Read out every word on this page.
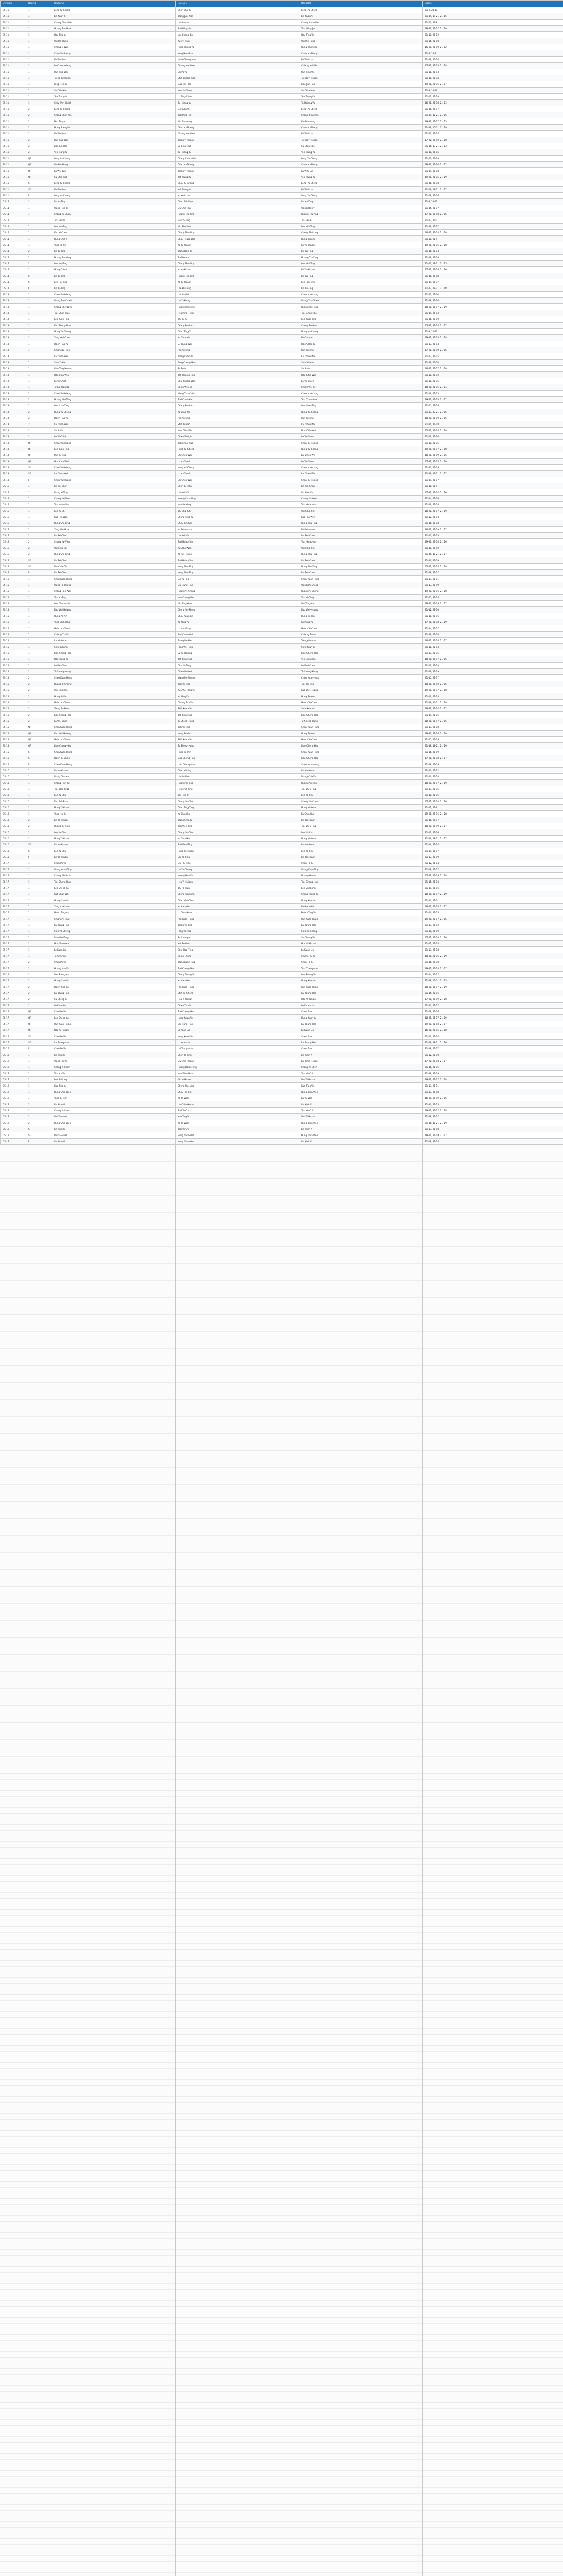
Division	Round	Joueur A	Joueur B	Résultat	Score
BS-11	1	Leng Yu-Cheng	Chen Zhe-Yu	Leng Yu-Cheng	21-9, 21-11
BS-11	1	Lin Kuan-Yi	Wang Jun-Xian	Lin Kuan-Yi	21-14, 19-21, 21-16
BS-11	1	Chang Chun-Wei	Liu Po-Han	Chang Chun-Wei	21-13, 21-8
BS-11	1	Huang Tzu-Hao	Tsai Ming-Jie	Tsai Ming-Jie	18-21, 21-17, 21-19
BS-11	1	Hsu Ting-Yu	Lee Cheng-En	Hsu Ting-Yu	21-10, 21-12
BS-11	1	Wu Pin-Hung	Kuo Yi-Ting	Wu Pin-Hung	21-16, 21-18
BS-11	1	Cheng Li-Wei	Hung Sheng-Yu	Hung Sheng-Yu	15-21, 21-19, 21-12
BS-11	1	Chou Yu-Sheng	Yang Hao-Ran	Chou Yu-Sheng	21-7, 21-9
BS-11	1	Ko Wei-Lun	Hsieh Tsung-Han	Ko Wei-Lun	21-19, 22-20
BS-11	1	Lu Chen-Hsiang	Chiang Kai-Wen	Chiang Kai-Wen	17-21, 21-15, 21-18
BS-11	1	Pan Ting-Wei	Lai Po-Yu	Pan Ting-Wei	21-11, 21-13
BS-11	1	Tseng Yi-Hsuan	Shih Cheng-Hao	Tseng Yi-Hsuan	21-18, 21-14
BS-11	1	Fang Hsin-Yu	Liao Jun-Hao	Liao Jun-Hao	19-21, 21-16, 21-17
BS-11	1	Su Chia-Hao	Hou Yu-Chen	Su Chia-Hao	21-8, 21-10
BS-11	1	Yeh Tsung-Yu	Lo Ping-Chun	Yeh Tsung-Yu	21-17, 21-19
BS-11	1	Chiu Wen-Chieh	Tu Hsiang-Yu	Tu Hsiang-Yu	16-21, 21-18, 21-14
BS-11	2	Leng Yu-Cheng	Lin Kuan-Yi	Leng Yu-Cheng	21-15, 21-17
BS-11	2	Chang Chun-Wei	Tsai Ming-Jie	Chang Chun-Wei	21-19, 18-21, 21-16
BS-11	2	Hsu Ting-Yu	Wu Pin-Hung	Wu Pin-Hung	19-21, 21-17, 21-15
BS-11	2	Hung Sheng-Yu	Chou Yu-Sheng	Chou Yu-Sheng	21-18, 15-21, 21-19
BS-11	2	Ko Wei-Lun	Chiang Kai-Wen	Ko Wei-Lun	21-12, 21-14
BS-11	2	Pan Ting-Wei	Tseng Yi-Hsuan	Tseng Yi-Hsuan	17-21, 21-19, 21-18
BS-11	2	Liao Jun-Hao	Su Chia-Hao	Su Chia-Hao	21-16, 17-21, 21-13
BS-11	2	Yeh Tsung-Yu	Tu Hsiang-Yu	Yeh Tsung-Yu	21-10, 21-15
BS-11	QF	Leng Yu-Cheng	Chang Chun-Wei	Leng Yu-Cheng	21-17, 21-19
BS-11	QF	Wu Pin-Hung	Chou Yu-Sheng	Chou Yu-Sheng	18-21, 21-16, 21-17
BS-11	QF	Ko Wei-Lun	Tseng Yi-Hsuan	Ko Wei-Lun	21-14, 21-18
BS-11	QF	Su Chia-Hao	Yeh Tsung-Yu	Yeh Tsung-Yu	19-21, 21-15, 21-19
BS-11	SF	Leng Yu-Cheng	Chou Yu-Sheng	Leng Yu-Cheng	21-16, 21-18
BS-11	SF	Ko Wei-Lun	Yeh Tsung-Yu	Ko Wei-Lun	21-19, 19-21, 21-17
BS-11	F	Leng Yu-Cheng	Ko Wei-Lun	Leng Yu-Cheng	21-18, 21-16
GS-11	1	Lin Yu-Ting	Chen Pei-Shan	Lin Yu-Ting	21-8, 21-12
GS-11	1	Wang Hsin-Yi	Liu Chia-Hui	Wang Hsin-Yi	21-15, 21-17
GS-11	1	Chang Yu-Chen	Huang Tzu-Ying	Huang Tzu-Ying	17-21, 21-18, 21-16
GS-11	1	Tsai Pei-Yu	Hsu Ya-Ting	Tsai Pei-Yu	21-13, 21-11
GS-11	1	Lee Hui-Ting	Wu Shu-Fen	Lee Hui-Ting	21-19, 21-17
GS-11	1	Kuo Yi-Chen	Cheng Mei-Ling	Cheng Mei-Ling	16-21, 21-14, 21-19
GS-11	1	Hung Chia-Yi	Chou Hsiao-Wen	Hung Chia-Yi	21-10, 21-9
GS-11	1	Yang Jia-Xin	Ko Yu-Hsuan	Ko Yu-Hsuan	19-21, 21-16, 21-18
GS-11	2	Lin Yu-Ting	Wang Hsin-Yi	Lin Yu-Ting	21-16, 21-14
GS-11	2	Huang Tzu-Ying	Tsai Pei-Yu	Huang Tzu-Ying	21-18, 21-19
GS-11	2	Lee Hui-Ting	Cheng Mei-Ling	Lee Hui-Ting	21-17, 18-21, 21-15
GS-11	2	Hung Chia-Yi	Ko Yu-Hsuan	Ko Yu-Hsuan	17-21, 21-19, 21-16
GS-11	SF	Lin Yu-Ting	Huang Tzu-Ying	Lin Yu-Ting	21-15, 21-18
GS-11	SF	Lee Hui-Ting	Ko Yu-Hsuan	Lee Hui-Ting	21-19, 21-17
GS-11	F	Lin Yu-Ting	Lee Hui-Ting	Lin Yu-Ting	21-17, 19-21, 21-18
BS-13	1	Chen Yu-Hsiang	Lin Po-Wei	Chen Yu-Hsiang	21-12, 21-10
BS-13	1	Wang Tzu-Chieh	Liu Yi-Hung	Wang Tzu-Chieh	21-18, 21-16
BS-13	1	Chang Cheng-Yu	Huang Wei-Ting	Huang Wei-Ting	18-21, 21-17, 21-19
BS-13	1	Tsai Chun-Hao	Hsu Ming-Hsun	Tsai Chun-Hao	21-14, 21-13
BS-13	1	Lee Kuan-Ting	Wu Yu-Jie	Lee Kuan-Ting	21-16, 21-19
BS-13	1	Kuo Sheng-Hao	Cheng Po-Han	Cheng Po-Han	15-21, 21-18, 21-17
BS-13	1	Hung Yu-Cheng	Chou Ting-Yi	Hung Yu-Cheng	21-9, 21-11
BS-13	1	Yang Wei-Chen	Ko Chun-Yu	Ko Chun-Yu	19-21, 21-15, 21-18
BS-13	1	Hsieh Hao-Yu	Lu Tsung-Wei	Hsieh Hao-Yu	21-17, 21-14
BS-13	1	Chiang Li-Hsin	Pan Yu-Ting	Pan Yu-Ting	17-21, 21-19, 21-16
BS-13	1	Lai Chen-Wei	Tseng Kuan-Yu	Lai Chen-Wei	21-13, 21-15
BS-13	1	Shih Yi-Hao	Fang Cheng-Han	Shih Yi-Hao	21-19, 22-20
BS-13	1	Liao Ting-Hsuan	Su Po-Yu	Su Po-Yu	16-21, 21-17, 21-19
BS-13	1	Hou Chia-Wei	Yeh Hsiang-Ting	Hou Chia-Wei	21-10, 21-12
BS-13	1	Lo Yu-Chieh	Chiu Sheng-Wen	Lo Yu-Chieh	21-18, 21-15
BS-13	1	Tu Kai-Hsiang	Chien Wei-Jie	Chien Wei-Jie	18-21, 21-16, 21-14
BS-13	2	Chen Yu-Hsiang	Wang Tzu-Chieh	Chen Yu-Hsiang	21-16, 21-13
BS-13	2	Huang Wei-Ting	Tsai Chun-Hao	Tsai Chun-Hao	19-21, 21-18, 21-17
BS-13	2	Lee Kuan-Ting	Cheng Po-Han	Lee Kuan-Ting	21-15, 21-19
BS-13	2	Hung Yu-Cheng	Ko Chun-Yu	Hung Yu-Cheng	21-17, 17-21, 21-16
BS-13	2	Hsieh Hao-Yu	Pan Yu-Ting	Pan Yu-Ting	18-21, 21-19, 21-15
BS-13	2	Lai Chen-Wei	Shih Yi-Hao	Lai Chen-Wei	21-14, 21-18
BS-13	2	Su Po-Yu	Hou Chia-Wei	Hou Chia-Wei	17-21, 21-18, 21-19
BS-13	2	Lo Yu-Chieh	Chien Wei-Jie	Lo Yu-Chieh	21-12, 21-16
BS-13	QF	Chen Yu-Hsiang	Tsai Chun-Hao	Chen Yu-Hsiang	21-18, 21-15
BS-13	QF	Lee Kuan-Ting	Hung Yu-Cheng	Hung Yu-Cheng	19-21, 21-17, 21-18
BS-13	QF	Pan Yu-Ting	Lai Chen-Wei	Lai Chen-Wei	18-21, 21-19, 21-16
BS-13	QF	Hou Chia-Wei	Lo Yu-Chieh	Lo Yu-Chieh	17-21, 21-15, 21-19
BS-13	SF	Chen Yu-Hsiang	Hung Yu-Cheng	Chen Yu-Hsiang	21-17, 21-19
BS-13	SF	Lai Chen-Wei	Lo Yu-Chieh	Lai Chen-Wei	21-18, 19-21, 21-17
BS-13	F	Chen Yu-Hsiang	Lai Chen-Wei	Chen Yu-Hsiang	21-19, 21-17
GS-13	1	Lin Pei-Chen	Chen Yu-Han	Lin Pei-Chen	21-11, 21-9
GS-13	1	Wang Yi-Ting	Liu Hsin-Yu	Liu Hsin-Yu	17-21, 21-18, 21-16
GS-13	1	Chang Ya-Wen	Huang Chia-Ling	Chang Ya-Wen	21-14, 21-16
GS-13	1	Tsai Hsiao-Yun	Hsu Pei-Ying	Tsai Hsiao-Yun	21-19, 21-18
GS-13	1	Lee Yu-Chi	Wu Chia-Chi	Wu Chia-Chi	18-21, 21-17, 21-19
GS-13	1	Kuo Hui-Wen	Cheng Ting-Yu	Kuo Hui-Wen	21-12, 21-13
GS-13	1	Hung Shu-Ting	Chou Yi-Chun	Hung Shu-Ting	21-16, 21-18
GS-13	1	Yang Mei-Hua	Ko Pei-Hsuan	Ko Pei-Hsuan	16-21, 21-19, 21-17
GS-13	2	Lin Pei-Chen	Liu Hsin-Yu	Lin Pei-Chen	21-17, 21-15
GS-13	2	Chang Ya-Wen	Tsai Hsiao-Yun	Tsai Hsiao-Yun	19-21, 21-18, 21-16
GS-13	2	Wu Chia-Chi	Kuo Hui-Wen	Wu Chia-Chi	21-18, 21-19
GS-13	2	Hung Shu-Ting	Ko Pei-Hsuan	Hung Shu-Ting	21-15, 18-21, 21-17
GS-13	SF	Lin Pei-Chen	Tsai Hsiao-Yun	Lin Pei-Chen	21-16, 21-19
GS-13	SF	Wu Chia-Chi	Hung Shu-Ting	Hung Shu-Ting	17-21, 21-18, 21-19
GS-13	F	Lin Pei-Chen	Hung Shu-Ting	Lin Pei-Chen	21-18, 21-17
BS-15	1	Chen Kuan-Hung	Lin Yu-Hao	Chen Kuan-Hung	21-13, 21-11
BS-15	1	Wang Po-Sheng	Liu Tsung-Han	Wang Po-Sheng	21-17, 21-19
BS-15	1	Chang Hao-Wei	Huang Yi-Cheng	Huang Yi-Cheng	19-21, 21-16, 21-18
BS-15	1	Tsai Yu-Ting	Hsu Cheng-Wei	Tsai Yu-Ting	21-15, 21-14
BS-15	1	Lee Chun-Hsien	Wu Ting-Hao	Wu Ting-Hao	18-21, 21-19, 21-17
BS-15	1	Kuo Wei-Hsiang	Cheng Yu-Sheng	Kuo Wei-Hsiang	21-12, 21-10
BS-15	1	Hung Po-Yen	Chou Kuan-Lin	Hung Po-Yen	21-18, 21-16
BS-15	1	Yang Chih-Hao	Ko Ming-Yu	Ko Ming-Yu	17-21, 21-18, 21-19
BS-15	1	Hsieh Yu-Chen	Lu Hao-Ting	Hsieh Yu-Chen	21-14, 21-17
BS-15	1	Chiang Tzu-Yu	Pan Chun-Wei	Chiang Tzu-Yu	21-19, 21-18
BS-15	1	Lai Yi-Hsuan	Tseng Po-Han	Tseng Po-Han	16-21, 21-18, 21-17
BS-15	1	Shih Kuan-Yu	Fang Wei-Ting	Shih Kuan-Yu	21-11, 21-13
BS-15	1	Liao Cheng-Hao	Su Yu-Hsiang	Liao Cheng-Hao	21-17, 21-15
BS-15	1	Hou Tsung-Yu	Yeh Chia-Hao	Yeh Chia-Hao	18-21, 21-17, 21-16
BS-15	1	Lo Wei-Chen	Chiu Yu-Ting	Lo Wei-Chen	21-12, 21-14
BS-15	1	Tu Sheng-Hung	Chien Po-Wei	Tu Sheng-Hung	21-18, 21-19
BS-15	2	Chen Kuan-Hung	Wang Po-Sheng	Chen Kuan-Hung	21-15, 21-17
BS-15	2	Huang Yi-Cheng	Tsai Yu-Ting	Tsai Yu-Ting	18-21, 21-19, 21-16
BS-15	2	Wu Ting-Hao	Kuo Wei-Hsiang	Kuo Wei-Hsiang	19-21, 21-17, 21-18
BS-15	2	Hung Po-Yen	Ko Ming-Yu	Hung Po-Yen	21-16, 21-14
BS-15	2	Hsieh Yu-Chen	Chiang Tzu-Yu	Hsieh Yu-Chen	21-18, 17-21, 21-19
BS-15	2	Tseng Po-Han	Shih Kuan-Yu	Shih Kuan-Yu	16-21, 21-18, 21-17
BS-15	2	Liao Cheng-Hao	Yeh Chia-Hao	Liao Cheng-Hao	21-14, 21-16
BS-15	2	Lo Wei-Chen	Tu Sheng-Hung	Tu Sheng-Hung	18-21, 21-17, 21-15
BS-15	QF	Chen Kuan-Hung	Tsai Yu-Ting	Chen Kuan-Hung	21-17, 21-18
BS-15	QF	Kuo Wei-Hsiang	Hung Po-Yen	Hung Po-Yen	19-21, 21-16, 21-19
BS-15	QF	Hsieh Yu-Chen	Shih Kuan-Yu	Hsieh Yu-Chen	21-15, 21-19
BS-15	QF	Liao Cheng-Hao	Tu Sheng-Hung	Liao Cheng-Hao	21-18, 18-21, 21-16
BS-15	SF	Chen Kuan-Hung	Hung Po-Yen	Chen Kuan-Hung	21-16, 21-19
BS-15	SF	Hsieh Yu-Chen	Liao Cheng-Hao	Liao Cheng-Hao	17-21, 21-18, 21-17
BS-15	F	Chen Kuan-Hung	Liao Cheng-Hao	Chen Kuan-Hung	21-18, 21-19
GS-15	1	Lin Ya-Hsuan	Chen Yi-Ling	Lin Ya-Hsuan	21-10, 21-12
GS-15	1	Wang Chia-Yu	Liu Pei-Wen	Wang Chia-Yu	21-16, 21-18
GS-15	1	Chang Hsin-Ju	Huang Yu-Ting	Huang Yu-Ting	18-21, 21-17, 21-19
GS-15	1	Tsai Wen-Ting	Hsu Chia-Ying	Tsai Wen-Ting	21-13, 21-15
GS-15	1	Lee Ya-Chu	Wu Hsin-Yi	Lee Ya-Chu	21-18, 21-16
GS-15	1	Kuo Pei-Shan	Cheng Yu-Chen	Cheng Yu-Chen	17-21, 21-18, 21-16
GS-15	1	Hung Yi-Hsuan	Chou Ting-Ting	Hung Yi-Hsuan	21-11, 21-9
GS-15	1	Yang Hui-Ju	Ko Chia-Hui	Ko Chia-Hui	19-21, 21-16, 21-18
GS-15	2	Lin Ya-Hsuan	Wang Chia-Yu	Lin Ya-Hsuan	21-15, 21-17
GS-15	2	Huang Yu-Ting	Tsai Wen-Ting	Tsai Wen-Ting	18-21, 21-19, 21-17
GS-15	2	Lee Ya-Chu	Cheng Yu-Chen	Lee Ya-Chu	21-17, 21-16
GS-15	2	Hung Yi-Hsuan	Ko Chia-Hui	Hung Yi-Hsuan	21-19, 18-21, 21-17
GS-15	SF	Lin Ya-Hsuan	Tsai Wen-Ting	Lin Ya-Hsuan	21-16, 21-18
GS-15	SF	Lee Ya-Chu	Hung Yi-Hsuan	Lee Ya-Chu	21-19, 21-17
GS-15	F	Lin Ya-Hsuan	Lee Ya-Chu	Lin Ya-Hsuan	21-17, 21-19
BS-17	1	Chen Po-Yu	Lin Tzu-Hao	Chen Po-Yu	21-12, 21-14
BS-17	1	Wang Kuan-Ting	Liu Yu-Cheng	Wang Kuan-Ting	21-18, 21-17
BS-17	1	Chang Wei-Lun	Huang Hao-Yu	Huang Hao-Yu	17-21, 21-19, 21-18
BS-17	1	Tsai Cheng-Han	Hsu Yi-Hsiang	Tsai Cheng-Han	21-15, 21-13
BS-17	1	Lee Sheng-Yu	Wu Po-Han	Lee Sheng-Yu	21-19, 21-16
BS-17	1	Kuo Chun-Wei	Cheng Tsung-Yu	Cheng Tsung-Yu	18-21, 21-17, 21-19
BS-17	1	Hung Kuan-Yu	Chou Wei-Chen	Hung Kuan-Yu	21-10, 21-11
BS-17	1	Yang Yu-Hsuan	Ko Hao-Wei	Ko Hao-Wei	16-21, 21-18, 21-17
BS-17	1	Hsieh Ting-Yu	Lu Chun-Hao	Hsieh Ting-Yu	21-16, 21-15
BS-17	1	Chiang Yi-Ting	Pan Kuan-Hung	Pan Kuan-Hung	19-21, 21-17, 21-16
BS-17	1	Lai Tsung-Han	Tseng Yu-Ting	Lai Tsung-Han	21-13, 21-12
BS-17	1	Shih Po-Sheng	Fang Yu-Hao	Shih Po-Sheng	21-18, 21-19
BS-17	1	Liao Wei-Ting	Su Cheng-Yu	Su Cheng-Yu	17-21, 21-18, 21-16
BS-17	1	Hou Yi-Hsuan	Yeh Po-Wei	Hou Yi-Hsuan	21-11, 21-14
BS-17	1	Lo Kuan-Lin	Chiu Hao-Ting	Lo Kuan-Lin	21-17, 21-18
BS-17	1	Tu Yu-Chen	Chien Tzu-Yu	Chien Tzu-Yu	18-21, 21-16, 21-19
BS-17	2	Chen Po-Yu	Wang Kuan-Ting	Chen Po-Yu	21-16, 21-18
BS-17	2	Huang Hao-Yu	Tsai Cheng-Han	Tsai Cheng-Han	19-21, 21-18, 21-17
BS-17	2	Lee Sheng-Yu	Cheng Tsung-Yu	Lee Sheng-Yu	21-14, 21-17
BS-17	2	Hung Kuan-Yu	Ko Hao-Wei	Hung Kuan-Yu	21-18, 17-21, 21-15
BS-17	2	Hsieh Ting-Yu	Pan Kuan-Hung	Pan Kuan-Hung	18-21, 21-17, 21-19
BS-17	2	Lai Tsung-Han	Shih Po-Sheng	Lai Tsung-Han	21-15, 21-16
BS-17	2	Su Cheng-Yu	Hou Yi-Hsuan	Hou Yi-Hsuan	17-21, 21-19, 21-18
BS-17	2	Lo Kuan-Lin	Chien Tzu-Yu	Lo Kuan-Lin	21-13, 21-17
BS-17	QF	Chen Po-Yu	Tsai Cheng-Han	Chen Po-Yu	21-18, 21-16
BS-17	QF	Lee Sheng-Yu	Hung Kuan-Yu	Hung Kuan-Yu	18-21, 21-17, 21-19
BS-17	QF	Pan Kuan-Hung	Lai Tsung-Han	Lai Tsung-Han	19-21, 21-18, 21-17
BS-17	QF	Hou Yi-Hsuan	Lo Kuan-Lin	Lo Kuan-Lin	16-21, 21-15, 21-18
BS-17	SF	Chen Po-Yu	Hung Kuan-Yu	Chen Po-Yu	21-17, 21-18
BS-17	SF	Lai Tsung-Han	Lo Kuan-Lin	Lai Tsung-Han	21-19, 18-21, 21-16
BS-17	F	Chen Po-Yu	Lai Tsung-Han	Chen Po-Yu	21-18, 21-17
GS-17	1	Lin Hsin-Yi	Chen Ya-Ting	Lin Hsin-Yi	21-12, 21-10
GS-17	1	Wang Pei-Yu	Liu Chia-Hsuan	Liu Chia-Hsuan	17-21, 21-18, 21-17
GS-17	1	Chang Yi-Chen	Huang Hsiao-Ting	Chang Yi-Chen	21-15, 21-16
GS-17	1	Tsai Yu-Chi	Hsu Wen-Hsin	Tsai Yu-Chi	21-18, 21-19
GS-17	1	Lee Pei-Ling	Wu Yi-Hsuan	Wu Yi-Hsuan	18-21, 21-17, 21-18
GS-17	1	Kuo Ting-Yu	Cheng Hui-Ling	Kuo Ting-Yu	21-13, 21-11
GS-17	1	Hung Chia-Wen	Chou Pei-Chi	Hung Chia-Wen	21-17, 21-18
GS-17	1	Yang Yu-Han	Ko Ya-Wen	Ko Ya-Wen	16-21, 21-19, 21-16
GS-17	2	Lin Hsin-Yi	Liu Chia-Hsuan	Lin Hsin-Yi	21-16, 21-15
GS-17	2	Chang Yi-Chen	Tsai Yu-Chi	Tsai Yu-Chi	19-21, 21-17, 21-18
GS-17	2	Wu Yi-Hsuan	Kuo Ting-Yu	Wu Yi-Hsuan	21-18, 21-17
GS-17	2	Hung Chia-Wen	Ko Ya-Wen	Hung Chia-Wen	21-16, 18-21, 21-19
GS-17	SF	Lin Hsin-Yi	Tsai Yu-Chi	Lin Hsin-Yi	21-17, 21-18
GS-17	SF	Wu Yi-Hsuan	Hung Chia-Wen	Hung Chia-Wen	18-21, 21-19, 21-17
GS-17	F	Lin Hsin-Yi	Hung Chia-Wen	Lin Hsin-Yi	21-19, 21-18
